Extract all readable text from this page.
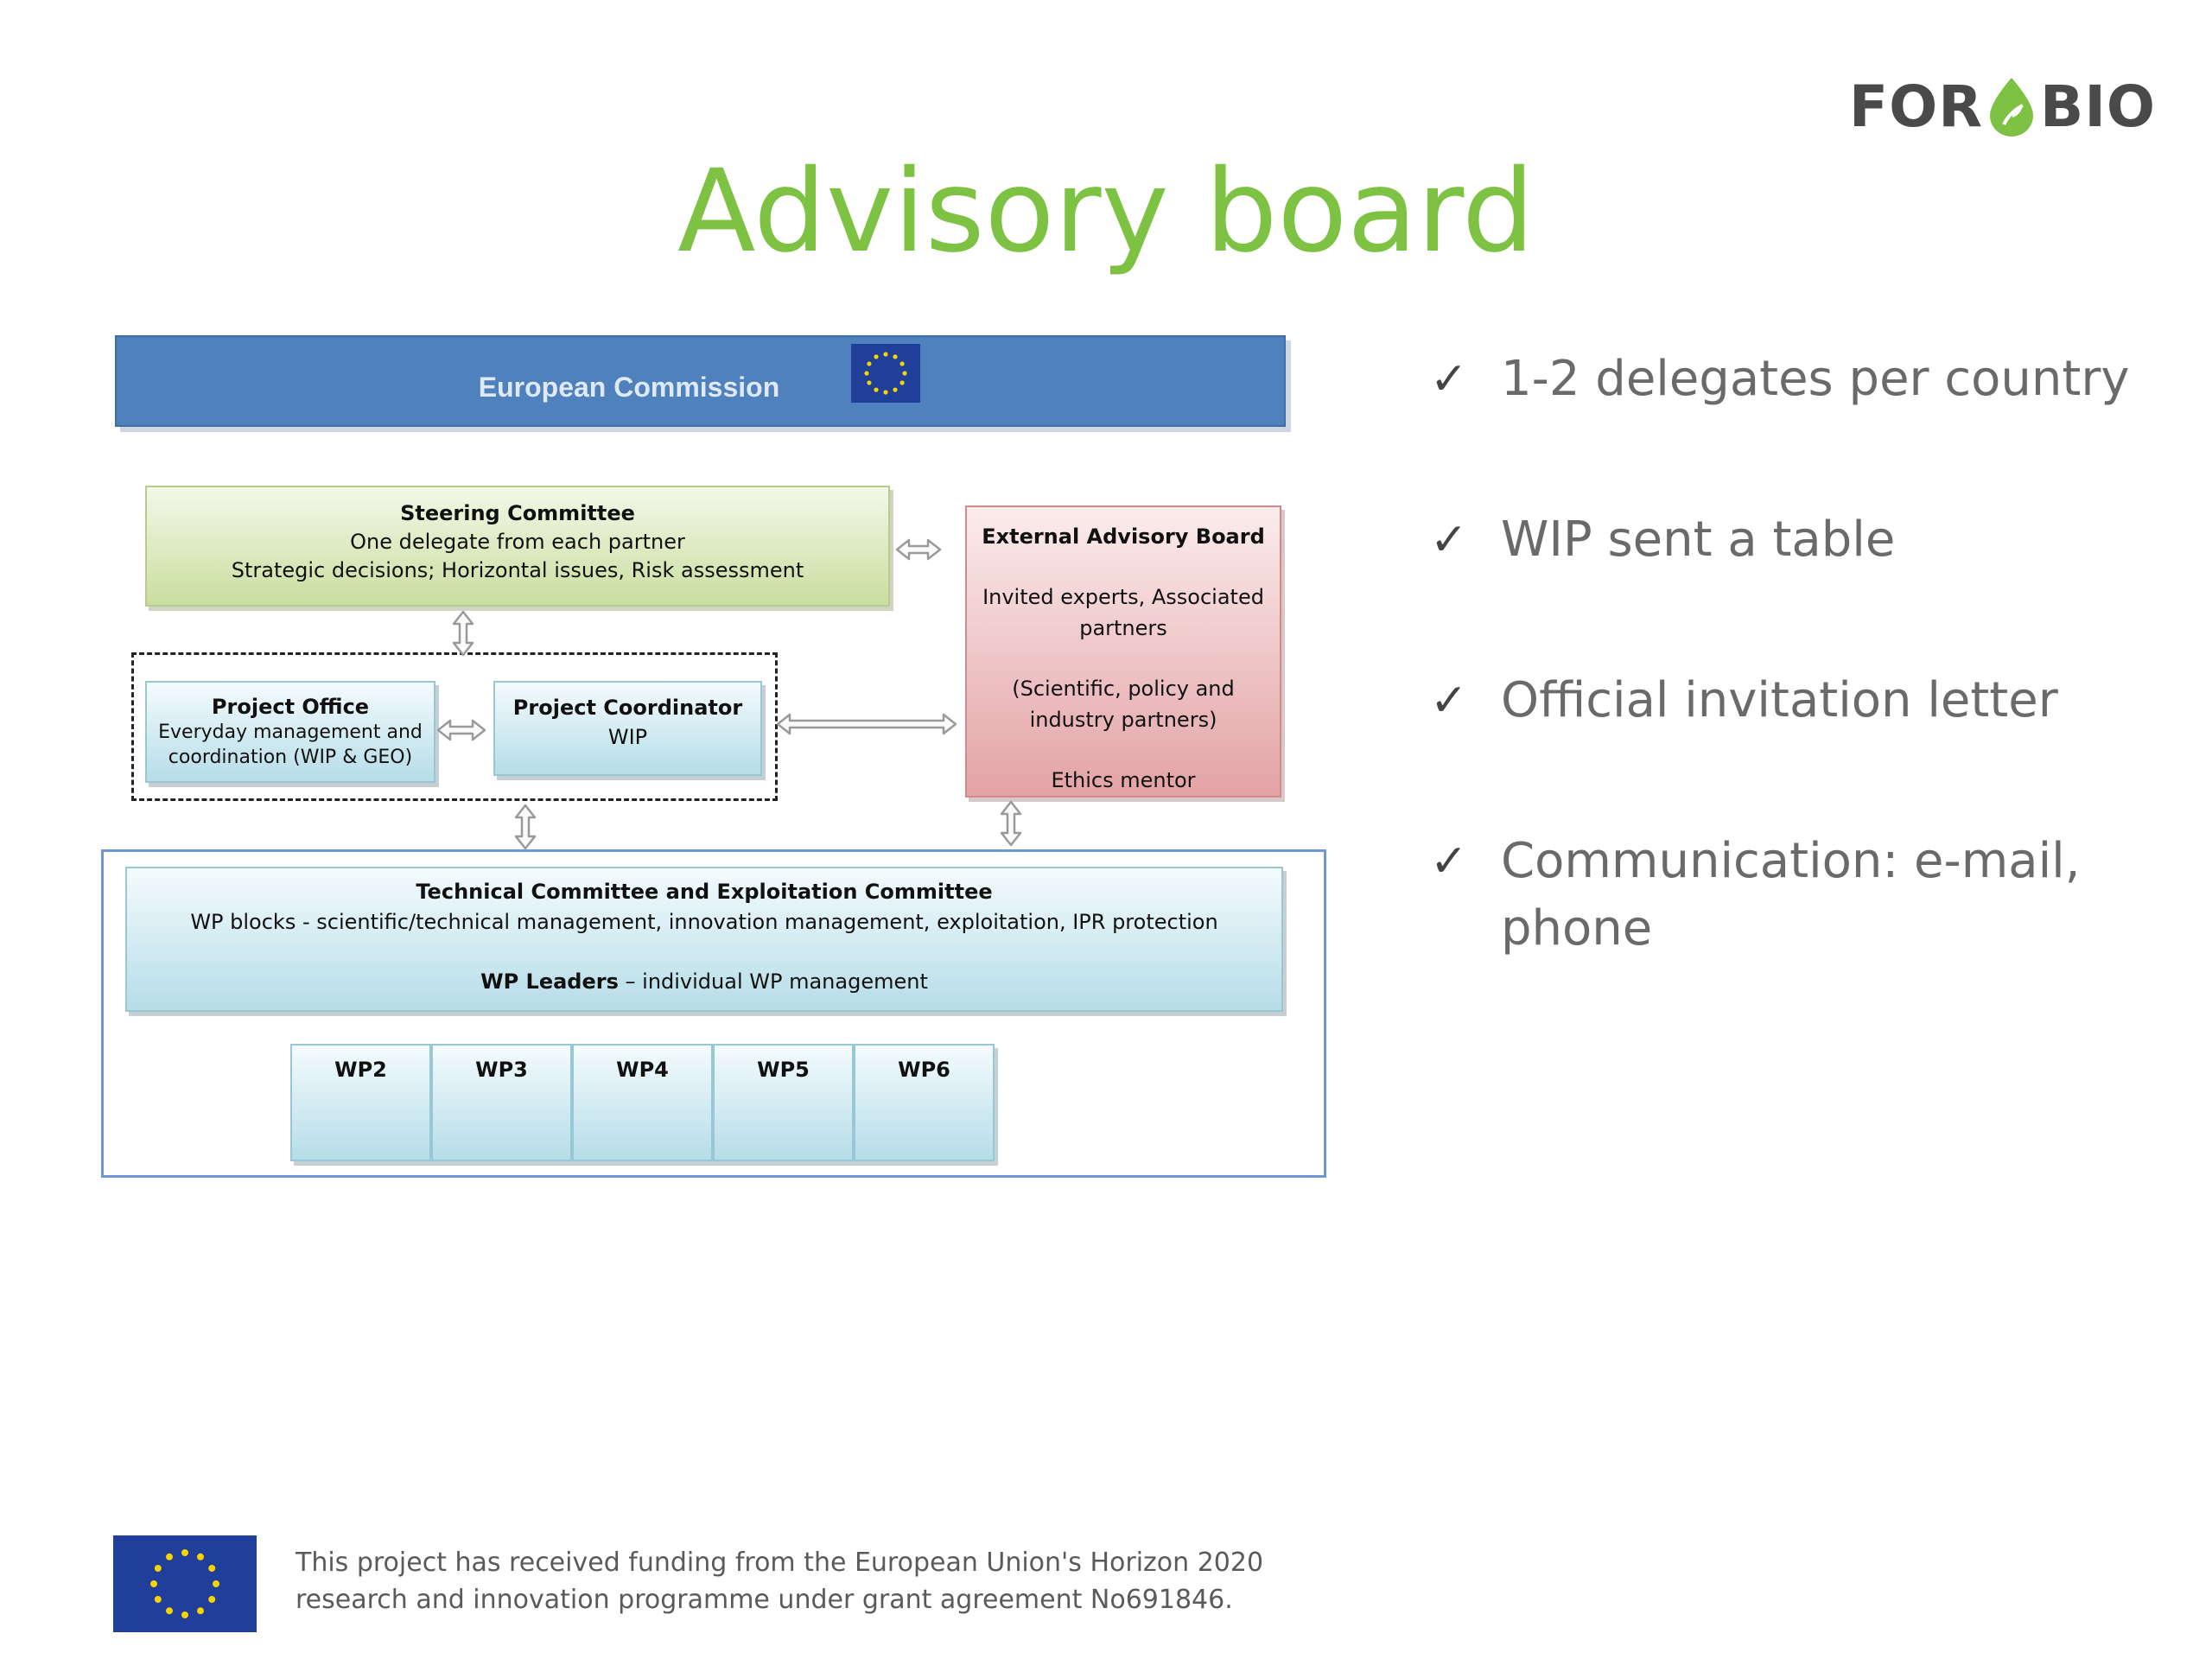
FOR BIO
Advisory board
European Commission
Steering Committee
One delegate from each partner
Strategic decisions; Horizontal issues, Risk assessment
External Advisory Board
Invited experts, Associated
partners
(Scientific, policy and
industry partners)
Ethics mentor
Project Office
Everyday management and
coordination (WIP & GEO)
Project Coordinator
WIP
Technical Committee and Exploitation Committee
WP blocks - scientific/technical management, innovation management, exploitation, IPR protection
WP Leaders – individual WP management
WP2	WP3	WP4	WP5	WP6
✓ 1-2 delegates per country
✓ WIP sent a table
✓ Official invitation letter
✓ Communication: e-mail, phone
This project has received funding from the European Union's Horizon 2020
research and innovation programme under grant agreement No691846.
